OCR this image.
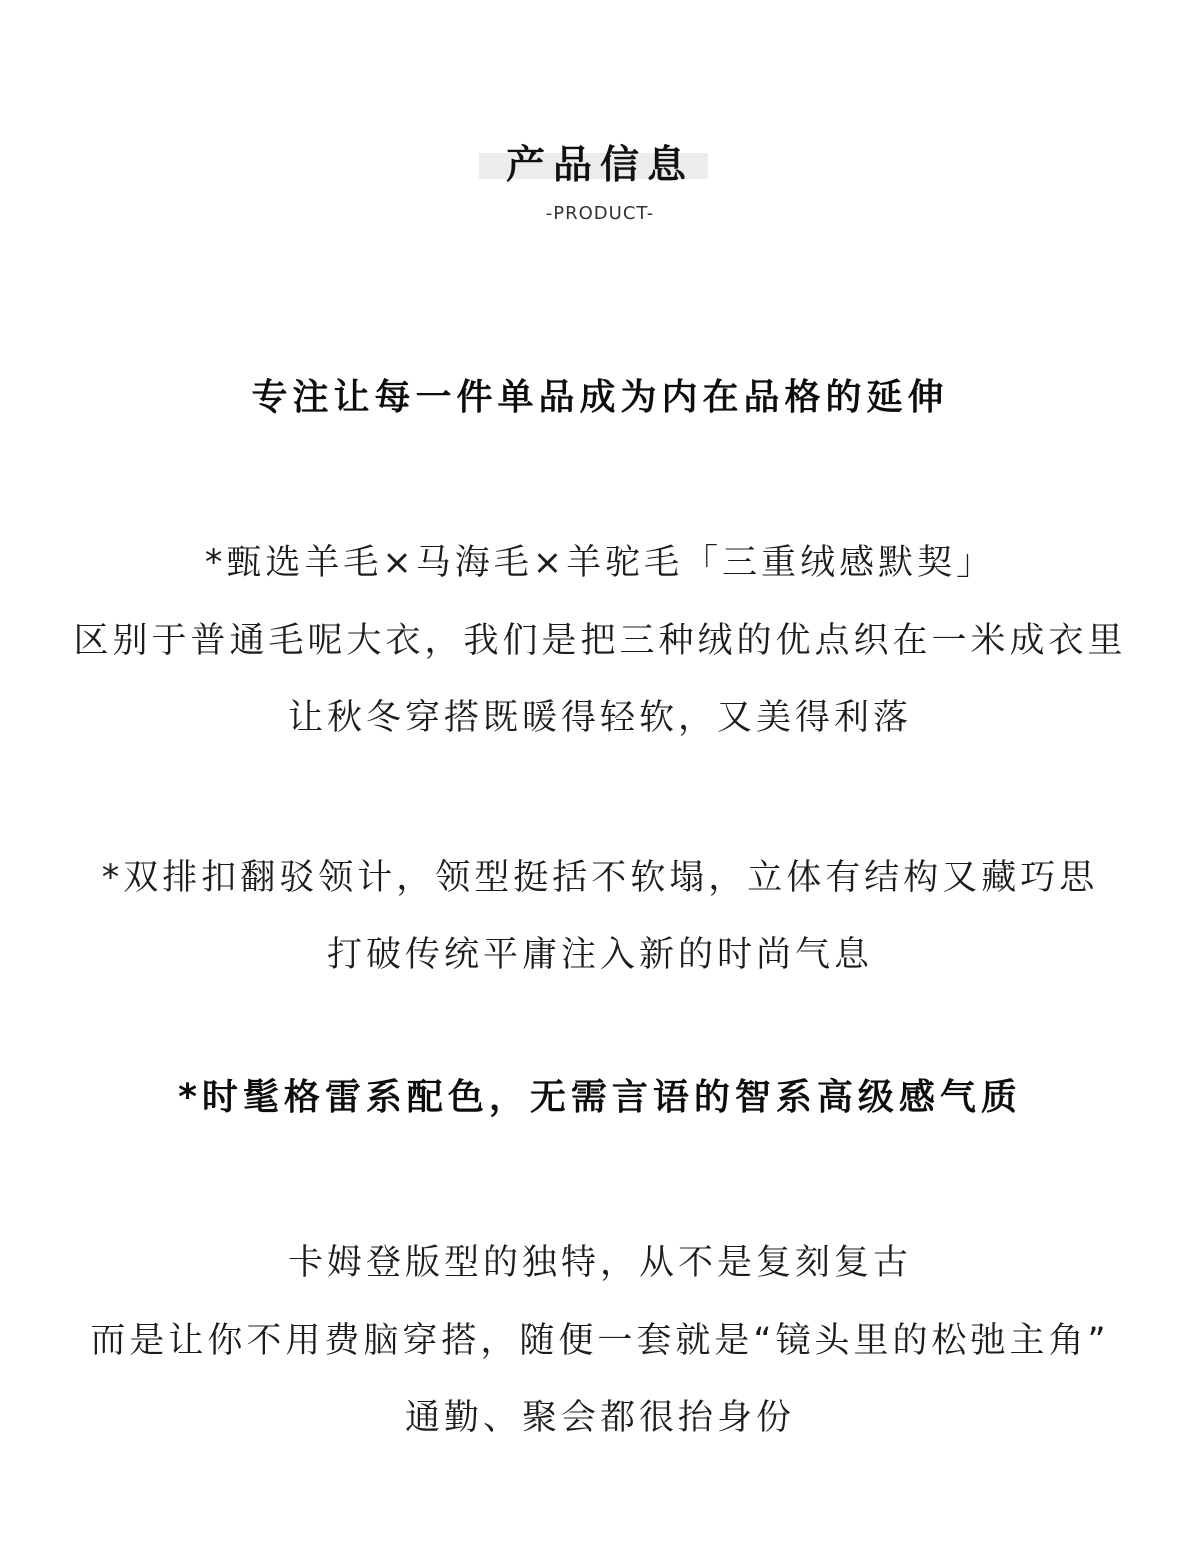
产品信息
-PRODUCT-
专注让每一件单品成为内在品格的延伸
*甄选羊毛×马海毛×羊驼毛「三重绒感默契」
区别于普通毛呢大衣，我们是把三种绒的优点织在一米成衣里
让秋冬穿搭既暖得轻软，又美得利落
*双排扣翻驳领计，领型挺括不软塌，立体有结构又藏巧思
打破传统平庸注入新的时尚气息
*时髦格雷系配色，无需言语的智系高级感气质
卡姆登版型的独特，从不是复刻复古
而是让你不用费脑穿搭，随便一套就是“镜头里的松弛主角”
通勤、聚会都很抬身份
